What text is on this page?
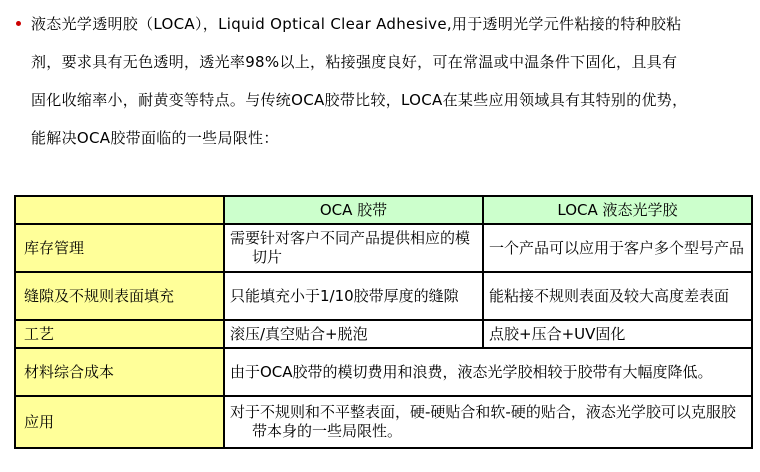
液态光学透明胶（LOCA），Liquid Optical Clear Adhesive,用于透明光学元件粘接的特种胶粘
剂，要求具有无色透明，透光率98%以上，粘接强度良好，可在常温或中温条件下固化，且具有
固化收缩率小，耐黄变等特点。与传统OCA胶带比较，LOCA在某些应用领域具有其特别的优势，
能解决OCA胶带面临的一些局限性：
	OCA 胶带	LOCA 液态光学胶
库存管理	需要针对客户不同产品提供相应的模切片	一个产品可以应用于客户多个型号产品

缝隙及不规则表面填充	只能填充小于1/10胶带厚度的缝隙	能粘接不规则表面及较大高度差表面

工艺	滚压/真空贴合+脱泡	点胶+压合+UV固化

材料综合成本	由于OCA胶带的模切费用和浪费，液态光学胶相较于胶带有大幅度降低。	

应用	对于不规则和不平整表面，硬-硬贴合和软-硬的贴合，液态光学胶可以克服胶带本身的一些局限性。	
